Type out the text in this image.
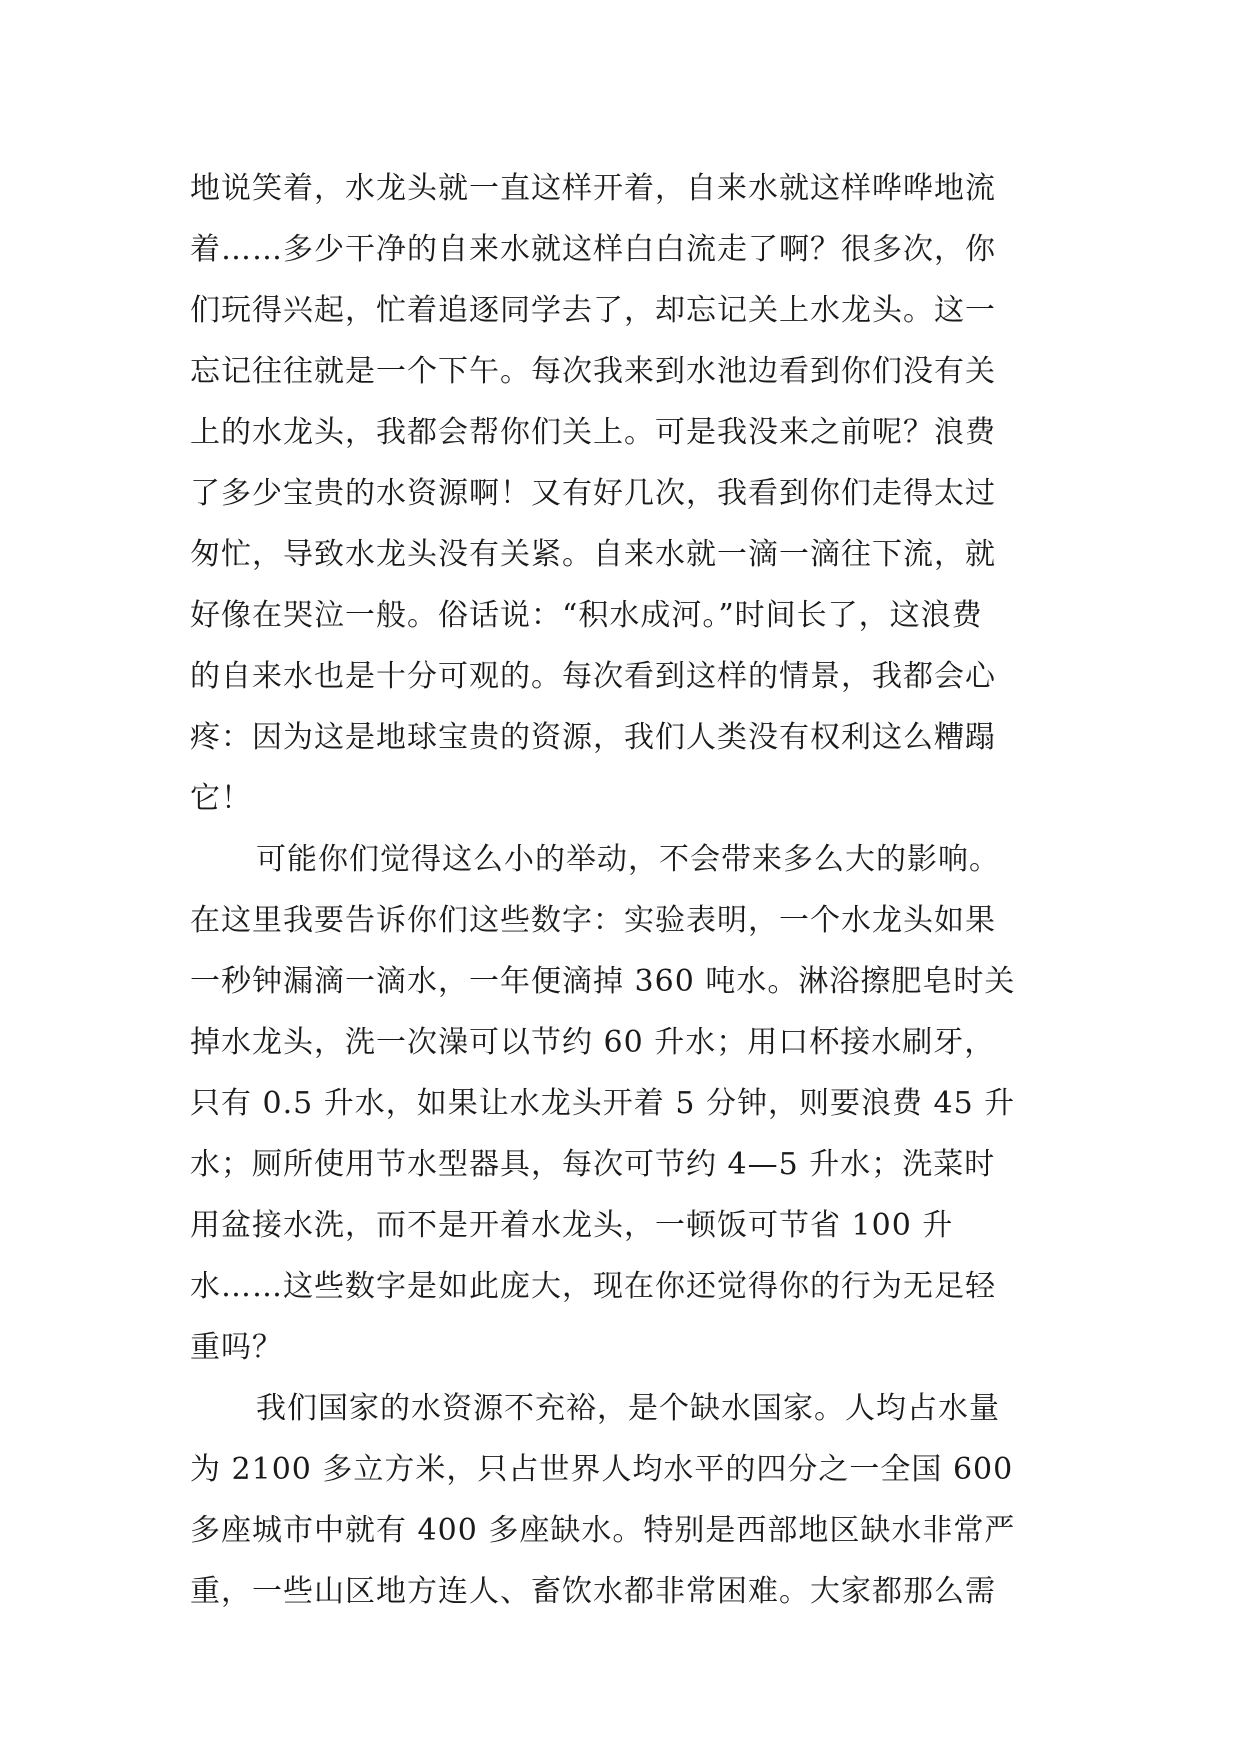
地说笑着，水龙头就一直这样开着，自来水就这样哗哗地流
着……多少干净的自来水就这样白白流走了啊？很多次，你
们玩得兴起，忙着追逐同学去了，却忘记关上水龙头。这一
忘记往往就是一个下午。每次我来到水池边看到你们没有关
上的水龙头，我都会帮你们关上。可是我没来之前呢？浪费
了多少宝贵的水资源啊！又有好几次，我看到你们走得太过
匆忙，导致水龙头没有关紧。自来水就一滴一滴往下流，就
好像在哭泣一般。俗话说：“积水成河。”时间长了，这浪费
的自来水也是十分可观的。每次看到这样的情景，我都会心
疼：因为这是地球宝贵的资源，我们人类没有权利这么糟蹋
它！
可能你们觉得这么小的举动，不会带来多么大的影响。
在这里我要告诉你们这些数字：实验表明，一个水龙头如果
一秒钟漏滴一滴水，一年便滴掉 360 吨水。淋浴擦肥皂时关
掉水龙头，洗一次澡可以节约 60 升水；用口杯接水刷牙，
只有 0.5 升水，如果让水龙头开着 5 分钟，则要浪费 45 升
水；厕所使用节水型器具，每次可节约 4—5 升水；洗菜时
用盆接水洗，而不是开着水龙头，一顿饭可节省 100 升
水……这些数字是如此庞大，现在你还觉得你的行为无足轻
重吗？
我们国家的水资源不充裕，是个缺水国家。人均占水量
为 2100 多立方米，只占世界人均水平的四分之一全国 600
多座城市中就有 400 多座缺水。特别是西部地区缺水非常严
重，一些山区地方连人、畜饮水都非常困难。大家都那么需
